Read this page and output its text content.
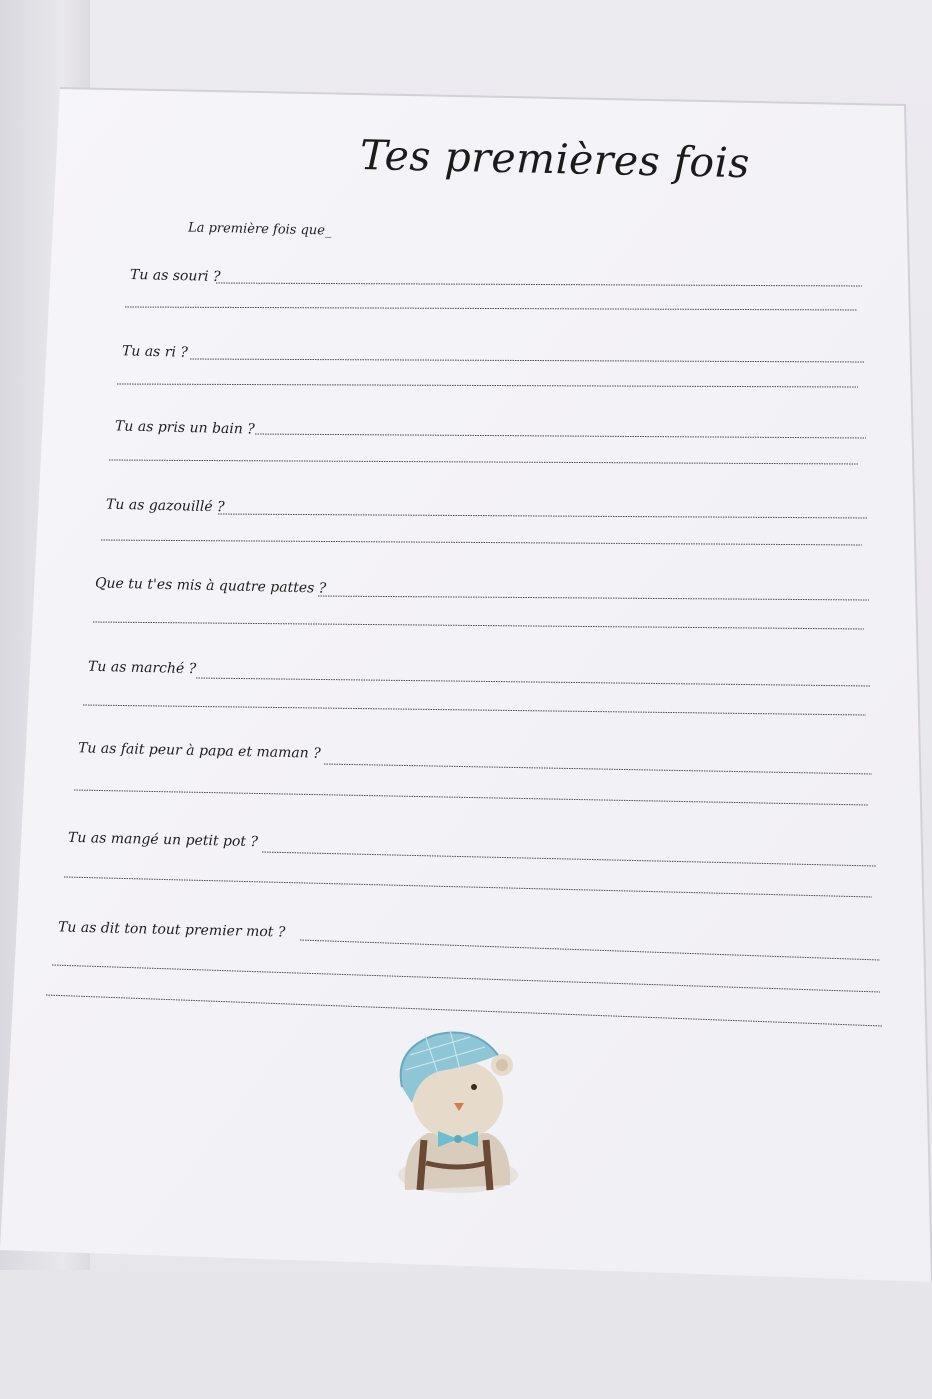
Tes premières fois
La première fois que_
Tu as souri ?
Tu as ri ?
Tu as pris un bain ?
Tu as gazouillé ?
Que tu t'es mis à quatre pattes ?
Tu as marché ?
Tu as fait peur à papa et maman ?
Tu as mangé un petit pot ?
Tu as dit ton tout premier mot ?
